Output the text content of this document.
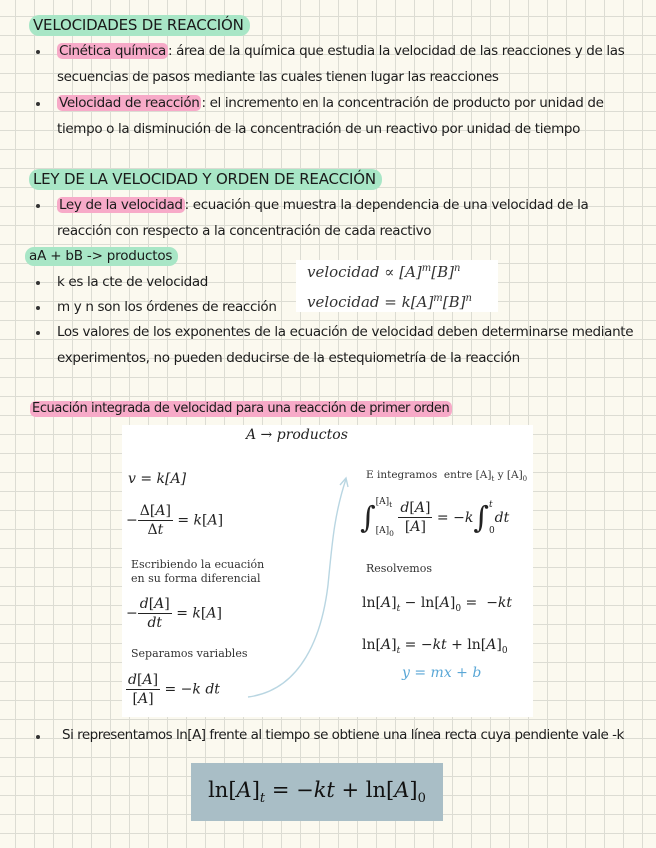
VELOCIDADES DE REACCIÓN
Cinética química : área de la química que estudia la velocidad de las reacciones y de las
secuencias de pasos mediante las cuales tienen lugar las reacciones
Velocidad de reacción : el incremento en la concentración de producto por unidad de
tiempo o la disminución de la concentración de un reactivo por unidad de tiempo
LEY DE LA VELOCIDAD Y ORDEN DE REACCIÓN
Ley de la velocidad : ecuación que muestra la dependencia de una velocidad de la
reacción con respecto a la concentración de cada reactivo
aA + bB -> productos
k es la cte de velocidad
m y n son los órdenes de reacción
velocidad ∝ $[A]^m[B]^n$
velocidad = $k[A]^m[B]^n$
Los valores de los exponentes de la ecuación de velocidad deben determinarse mediante
experimentos, no pueden deducirse de la estequiometría de la reacción
Ecuación integrada de velocidad para una reacción de primer orden
A → productos
v = k[A]
− $\frac{\Delta[A]}{\Delta t} = k[A]$
Escribiendo la ecuación
en su forma diferencial
− $\frac{d[A]}{dt} = k[A]$
Separamos variables
$\frac{d[A]}{[A]} = -k$ dt
E integramos  entre $[A]_t$ y $[A]_0$
∫ $[A]_t$
$[A]_0$
$\frac{d[A]}{[A]} = -k\int$ t
0
dt
Resolvemos
$\ln[A]_t - \ln[A]_0 = -kt$
$\ln[A]_t = -kt + \ln[A]_0$
y = mx + b
Si representamos ln[A] frente al tiempo se obtiene una línea recta cuya pendiente vale -k
$\ln[A]_t = -kt + \ln[A]_0$
